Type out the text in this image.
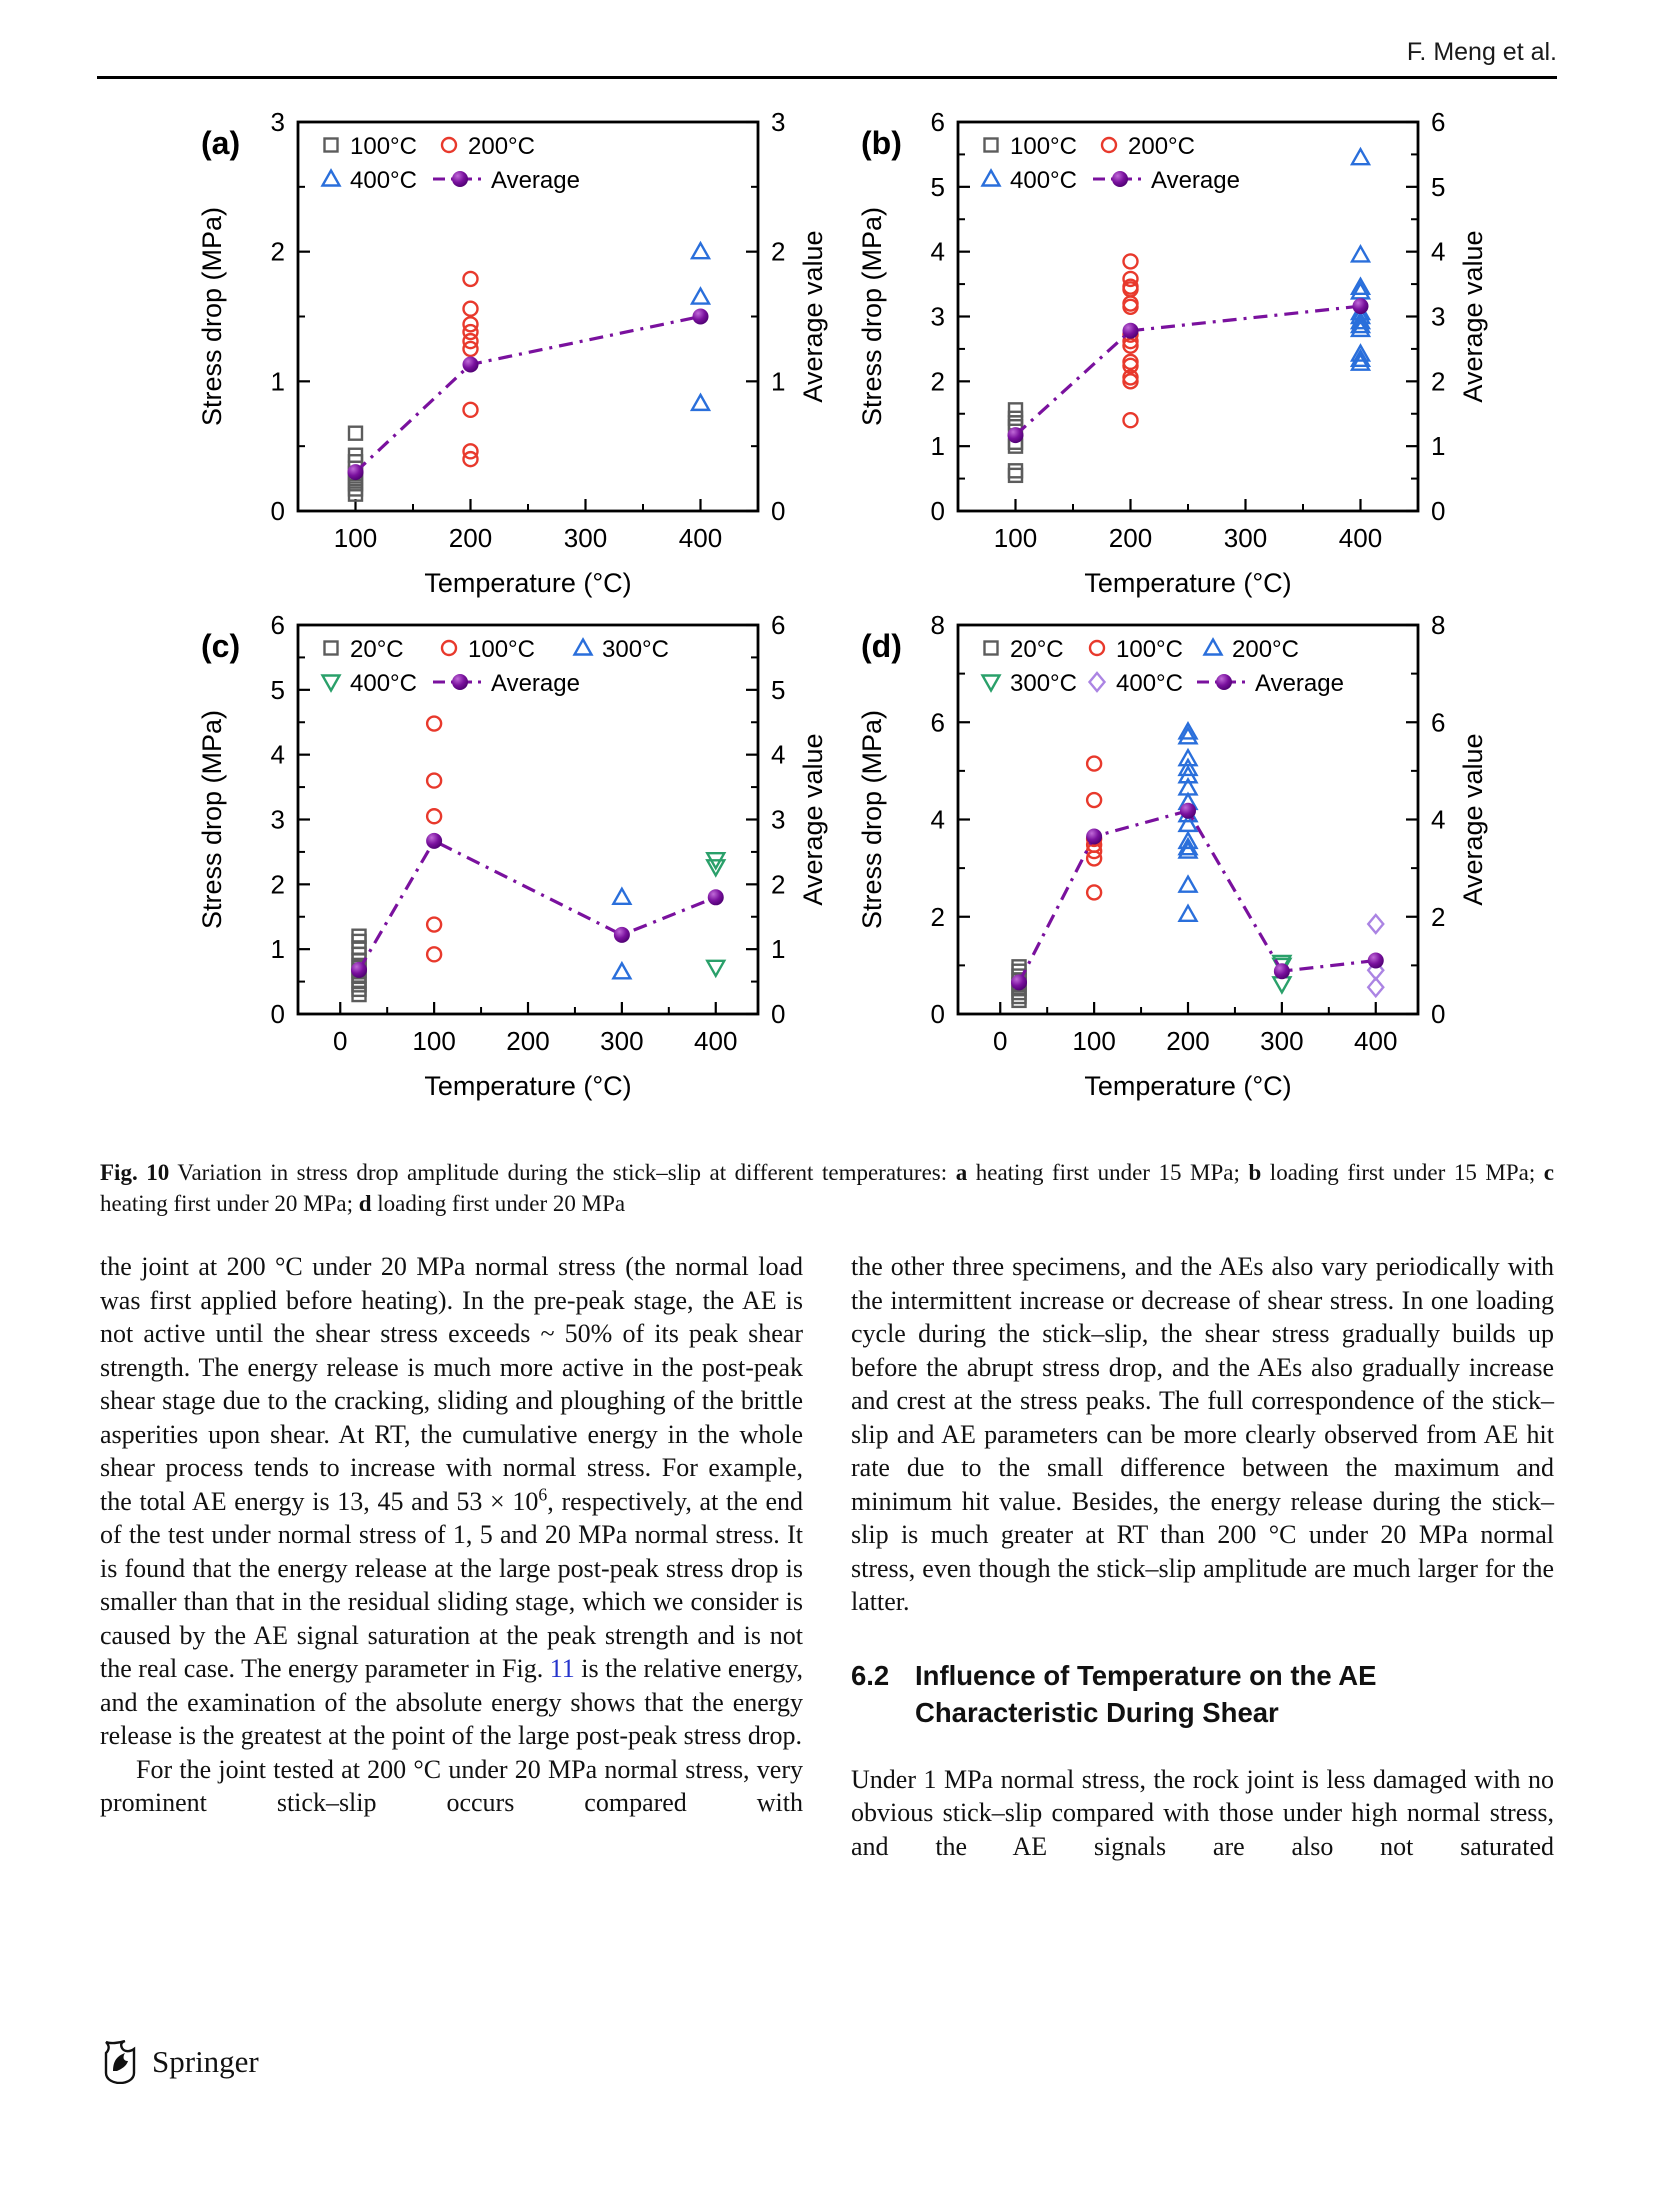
F. Meng et al.
(a)
0	0
1	1
2	2
3	3
100	200	300	400
Stress drop (MPa)	Average value
Temperature (°C)
100°C 200°C
400°C	Average
(b)
0	0
1	1
2	2
3	3
4	4
5	5
6	6
100	200	300	400
Stress drop (MPa)	Average value
Temperature (°C)
100°C 200°C
400°C	Average
(c)
0	0
1	1
2	2
3	3
4	4
5	5
6	6
0 100 200 300 400
Stress drop (MPa)	Average value
Temperature (°C)
20°C	100°C	300°C
400°C	Average
(d)
0	0
2	2
4	4
6	6
8	8
0 100 200 300 400
Stress drop (MPa)	Average value
Temperature (°C)
20°C 100°C 200°C
300°C 400°C	Average

Fig. 10 Variation in stress drop amplitude during the stick–slip at different temperatures: a heating first under 15 MPa; b loading first under 15 MPa; c heating first under 20 MPa; d loading first under 20 MPa

the joint at 200 °C under 20 MPa normal stress (the normal load was first applied before heating). In the pre-peak stage, the AE is not active until the shear stress exceeds ~ 50% of its peak shear strength. The energy release is much more active in the post-peak shear stage due to the cracking, sliding and ploughing of the brittle asperities upon shear. At RT, the cumulative energy in the whole shear process tends to increase with normal stress. For example, the total AE energy is 13, 45 and $53 \times 10^6$, respectively, at the end of the test under normal stress of 1, 5 and 20 MPa normal stress. It is found that the energy release at the large post-peak stress drop is smaller than that in the residual sliding stage, which we consider is caused by the AE signal saturation at the peak strength and is not the real case. The energy parameter in Fig. 11 is the relative energy, and the examination of the absolute energy shows that the energy release is the greatest at the point of the large post-peak stress drop.

For the joint tested at 200 °C under 20 MPa normal stress, very prominent stick–slip occurs compared with

the other three specimens, and the AEs also vary periodically with the intermittent increase or decrease of shear stress. In one loading cycle during the stick–slip, the shear stress gradually builds up before the abrupt stress drop, and the AEs also gradually increase and crest at the stress peaks. The full correspondence of the stick–slip and AE parameters can be more clearly observed from AE hit rate due to the small difference between the maximum and minimum hit value. Besides, the energy release during the stick–slip is much greater at RT than 200 °C under 20 MPa normal stress, even though the stick–slip amplitude are much larger for the latter.

6.2 Influence of Temperature on the AE
Characteristic During Shear

Under 1 MPa normal stress, the rock joint is less damaged with no obvious stick–slip compared with those under high normal stress, and the AE signals are also not saturated

Springer
